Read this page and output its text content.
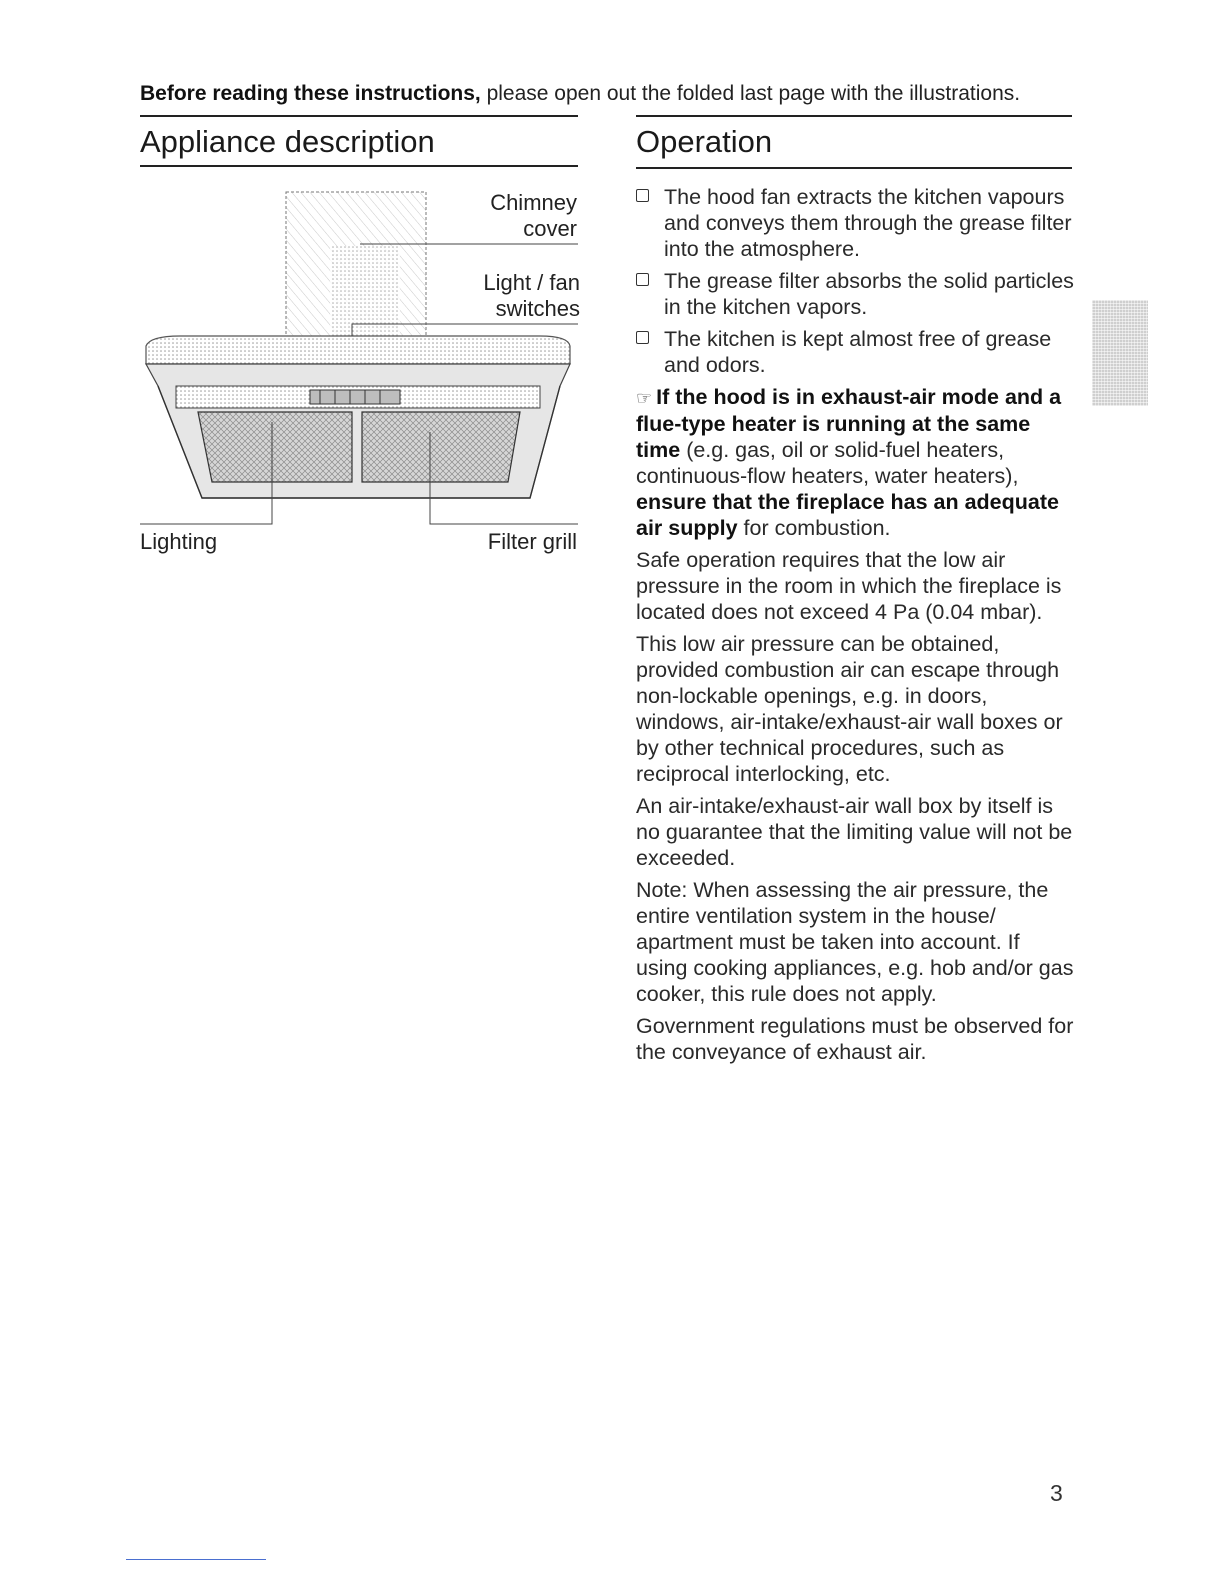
Before reading these instructions, please open out the folded last page with the illustrations.
Appliance description	Operation
Chimney
cover
Light / fan
switches
Lighting	Filter grill
The hood fan extracts the kitchen vapours and conveys them through the grease filter into the atmosphere.
The grease filter absorbs the solid particles in the kitchen vapors.
The kitchen is kept almost free of grease and odors.

☞ If the hood is in exhaust-air mode and a flue-type heater is running at the same time (e.g. gas, oil or solid-fuel heaters, continuous-flow heaters, water heaters), ensure that the fireplace has an adequate air supply for combustion.

Safe operation requires that the low air pressure in the room in which the fireplace is located does not exceed 4 Pa (0.04 mbar).

This low air pressure can be obtained, provided combustion air can escape through non-lockable openings, e.g. in doors, windows, air-intake/exhaust-air wall boxes or by other technical procedures, such as reciprocal interlocking, etc.

An air-intake/exhaust-air wall box by itself is no guarantee that the limiting value will not be exceeded.

Note: When assessing the air pressure, the entire ventilation system in the house/ apartment must be taken into account. If using cooking appliances, e.g. hob and/or gas cooker, this rule does not apply.

Government regulations must be observed for the conveyance of exhaust air.

3
